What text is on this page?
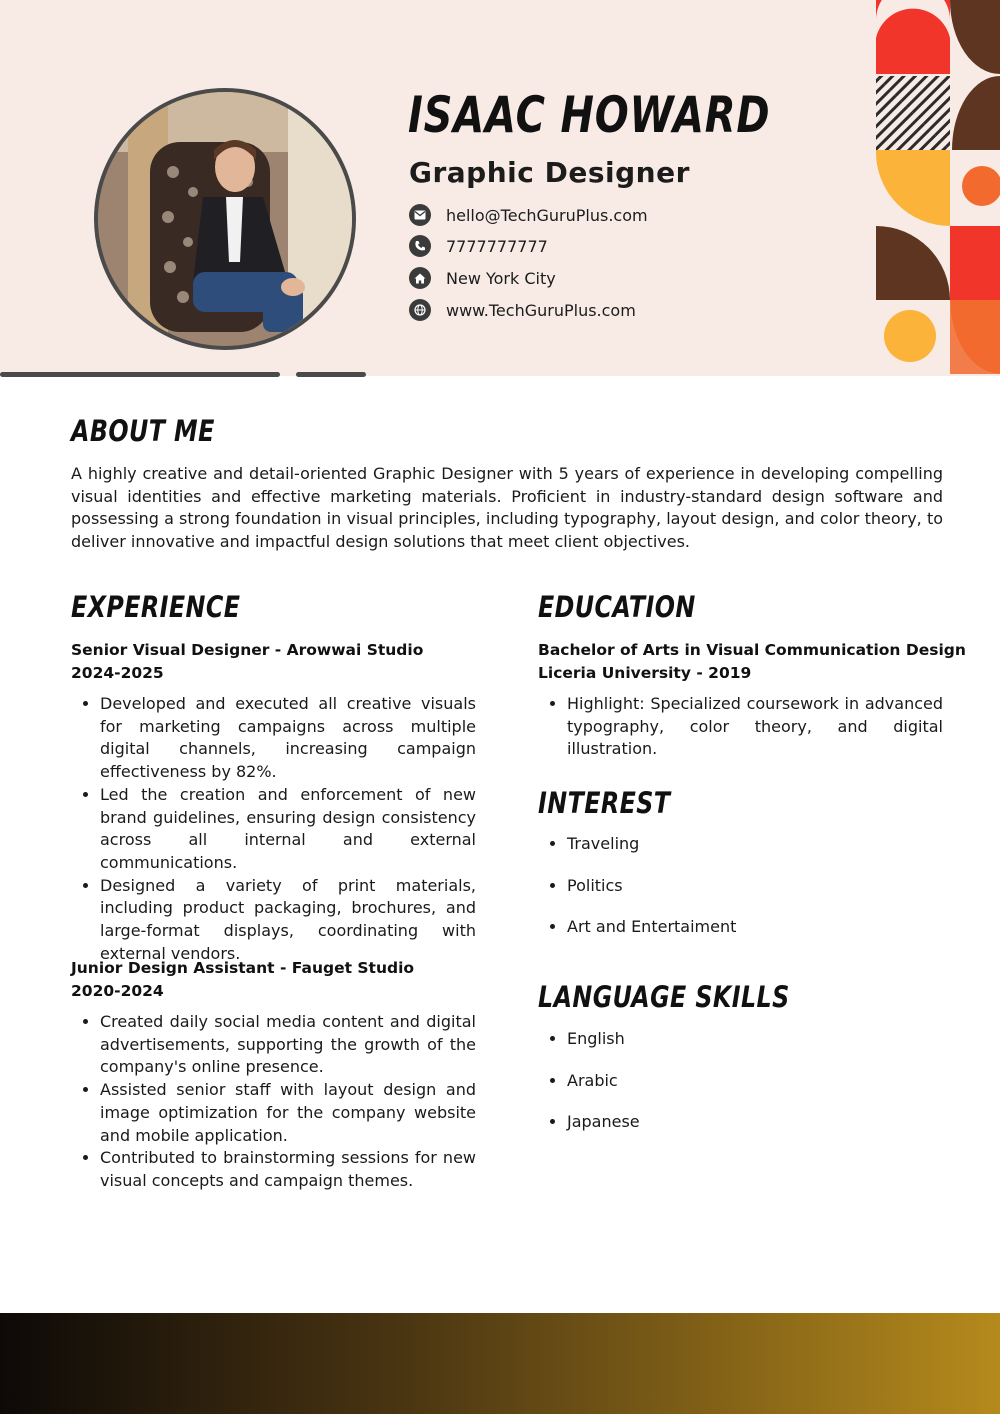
ISAAC HOWARD
Graphic Designer
hello@TechGuruPlus.com
7777777777
New York City
www.TechGuruPlus.com
ABOUT ME

A highly creative and detail-oriented Graphic Designer with 5 years of experience in developing compelling visual identities and effective marketing materials. Proficient in industry-standard design software and possessing a strong foundation in visual principles, including typography, layout design, and color theory, to deliver innovative and impactful design solutions that meet client objectives.

EXPERIENCE
Senior Visual Designer - Arowwai Studio
2024-2025
• Developed and executed all creative visuals for marketing campaigns across multiple digital channels, increasing campaign effectiveness by 82%.
• Led the creation and enforcement of new brand guidelines, ensuring design consistency across all internal and external communications.
• Designed a variety of print materials, including product packaging, brochures, and large-format displays, coordinating with external vendors.
Junior Design Assistant - Fauget Studio
2020-2024
• Created daily social media content and digital advertisements, supporting the growth of the company's online presence.
• Assisted senior staff with layout design and image optimization for the company website and mobile application.
• Contributed to brainstorming sessions for new visual concepts and campaign themes.
EDUCATION
Bachelor of Arts in Visual Communication Design
Liceria University - 2019
• Highlight: Specialized coursework in advanced typography, color theory, and digital illustration.
INTEREST
• Traveling
• Politics
• Art and Entertaiment
LANGUAGE SKILLS
• English
• Arabic
• Japanese
